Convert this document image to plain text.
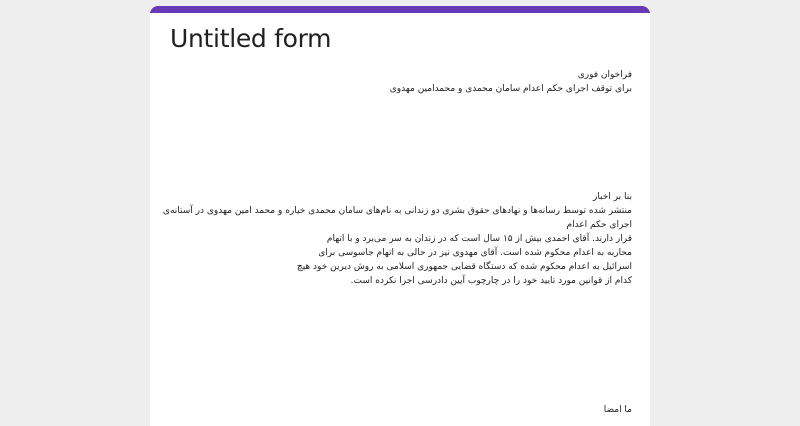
Untitled form
فراخوان فوری
برای توقف اجرای حکم اعدام سامان محمدی و محمدامین مهدوی
بنا بر اخبار
منتشر شده توسط رسانه‌ها و نهادهای حقوق بشری دو زندانی به نام‌های سامان محمدی خیاره و محمد امین مهدوی در آستانه‌ی
اجرای حکم اعدام
قرار دارند. آقای احمدی بیش از ۱۵ سال است که در زندان به سر می‌برد و با اتهام
محاربه به اعدام محکوم شده است. آقای مهدوی نیز در حالی به اتهام جاسوسی برای
اسرائیل به اعدام محکوم شده که دستگاه قضایی جمهوری اسلامی به روش دیرین خود هیچ
کدام از قوانین مورد تایید خود را در چارچوب آیین دادرسی اجرا نکرده است.
ما امضا
